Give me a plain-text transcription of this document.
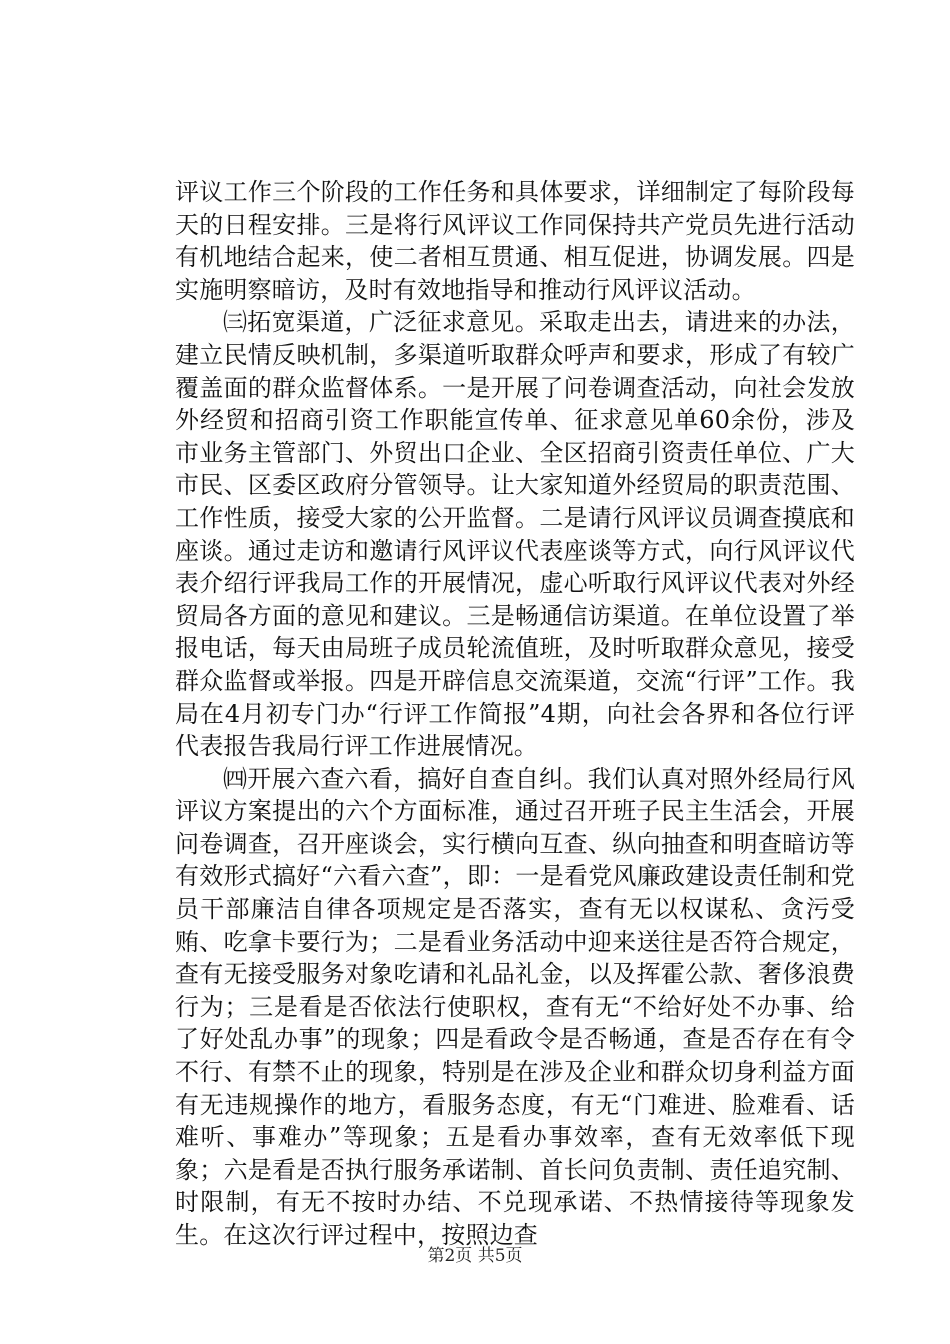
评议工作三个阶段的工作任务和具体要求，详细制定了每阶段每天的日程安排。三是将行风评议工作同保持共产党员先进行活动有机地结合起来，使二者相互贯通、相互促进，协调发展。四是实施明察暗访，及时有效地指导和推动行风评议活动。

㈢拓宽渠道，广泛征求意见。采取走出去，请进来的办法，建立民情反映机制，多渠道听取群众呼声和要求，形成了有较广覆盖面的群众监督体系。一是开展了问卷调查活动，向社会发放外经贸和招商引资工作职能宣传单、征求意见单60余份，涉及市业务主管部门、外贸出口企业、全区招商引资责任单位、广大市民、区委区政府分管领导。让大家知道外经贸局的职责范围、工作性质，接受大家的公开监督。二是请行风评议员调查摸底和座谈。通过走访和邀请行风评议代表座谈等方式，向行风评议代表介绍行评我局工作的开展情况，虚心听取行风评议代表对外经贸局各方面的意见和建议。三是畅通信访渠道。在单位设置了举报电话，每天由局班子成员轮流值班，及时听取群众意见，接受群众监督或举报。四是开辟信息交流渠道，交流“行评”工作。我局在4月初专门办“行评工作简报”4期，向社会各界和各位行评代表报告我局行评工作进展情况。

㈣开展六查六看，搞好自查自纠。我们认真对照外经局行风评议方案提出的六个方面标准，通过召开班子民主生活会，开展问卷调查，召开座谈会，实行横向互查、纵向抽查和明查暗访等有效形式搞好“六看六查”，即：一是看党风廉政建设责任制和党员干部廉洁自律各项规定是否落实，查有无以权谋私、贪污受贿、吃拿卡要行为；二是看业务活动中迎来送往是否符合规定，查有无接受服务对象吃请和礼品礼金，以及挥霍公款、奢侈浪费行为；三是看是否依法行使职权，查有无“不给好处不办事、给了好处乱办事”的现象；四是看政令是否畅通，查是否存在有令不行、有禁不止的现象，特别是在涉及企业和群众切身利益方面有无违规操作的地方，看服务态度，有无“门难进、脸难看、话难听、事难办”等现象；五是看办事效率，查有无效率低下现象；六是看是否执行服务承诺制、首长问负责制、责任追究制、时限制，有无不按时办结、不兑现承诺、不热情接待等现象发生。在这次行评过程中，按照边查

第2页 共5页
